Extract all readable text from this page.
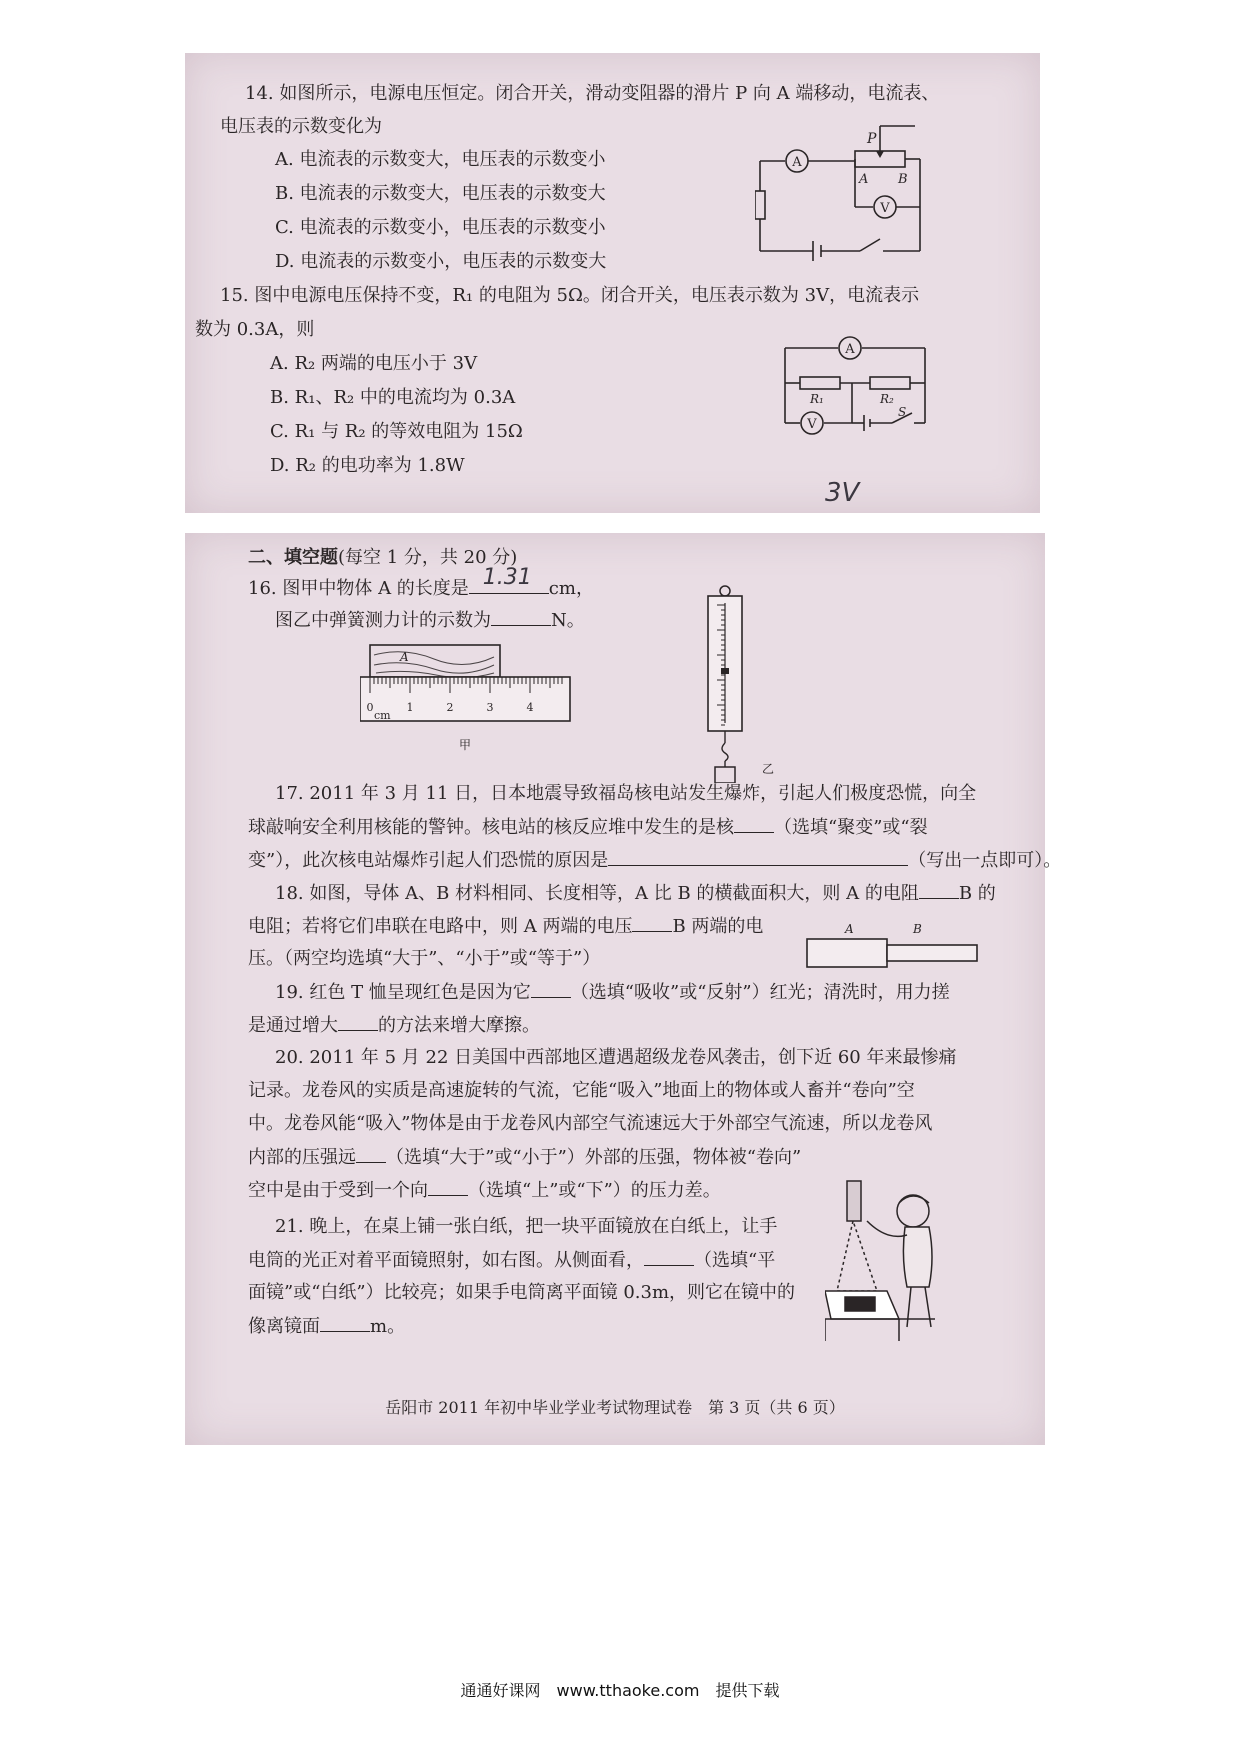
14. 如图所示，电源电压恒定。闭合开关，滑动变阻器的滑片 P 向 A 端移动，电流表、
电压表的示数变化为
A. 电流表的示数变大，电压表的示数变小
B. 电流表的示数变大，电压表的示数变大
C. 电流表的示数变小，电压表的示数变小
D. 电流表的示数变小，电压表的示数变大
A
V
P
A B
15. 图中电源电压保持不变，R₁ 的电阻为 5Ω。闭合开关，电压表示数为 3V，电流表示
数为 0.3A，则
A. R₂ 两端的电压小于 3V
B. R₁、R₂ 中的电流均为 0.3A
C. R₁ 与 R₂ 的等效电阻为 15Ω
D. R₂ 的电功率为 1.8W
A
V
R₁	R₂
S
3V
二、填空题(每空 1 分，共 20 分)
16. 图甲中物体 A 的长度是 1.31 cm，
图乙中弹簧测力计的示数为	N。
A
cm
0	1	2	3	4
甲
乙
17. 2011 年 3 月 11 日，日本地震导致福岛核电站发生爆炸，引起人们极度恐慌，向全
球敲响安全利用核能的警钟。核电站的核反应堆中发生的是核 （选填“聚变”或“裂
变”），此次核电站爆炸引起人们恐慌的原因是	（写出一点即可）。
18. 如图，导体 A、B 材料相同、长度相等，A 比 B 的横截面积大，则 A 的电阻 B 的
电阻；若将它们串联在电路中，则 A 两端的电压 B 两端的电
压。（两空均选填“大于”、“小于”或“等于”）
A	B
19. 红色 T 恤呈现红色是因为它 （选填“吸收”或“反射”）红光；清洗时，用力搓
是通过增大 的方法来增大摩擦。
20. 2011 年 5 月 22 日美国中西部地区遭遇超级龙卷风袭击，创下近 60 年来最惨痛
记录。龙卷风的实质是高速旋转的气流，它能“吸入”地面上的物体或人畜并“卷向”空
中。龙卷风能“吸入”物体是由于龙卷风内部空气流速远大于外部空气流速，所以龙卷风
内部的压强远 （选填“大于”或“小于”）外部的压强，物体被“卷向”
空中是由于受到一个向 （选填“上”或“下”）的压力差。
21. 晚上，在桌上铺一张白纸，把一块平面镜放在白纸上，让手
电筒的光正对着平面镜照射，如右图。从侧面看，	（选填“平
面镜”或“白纸”）比较亮；如果手电筒离平面镜 0.3m，则它在镜中的
像离镜面	m。
岳阳市 2011 年初中毕业学业考试物理试卷　第 3 页（共 6 页）
通通好课网　www.tthaoke.com　提供下载
